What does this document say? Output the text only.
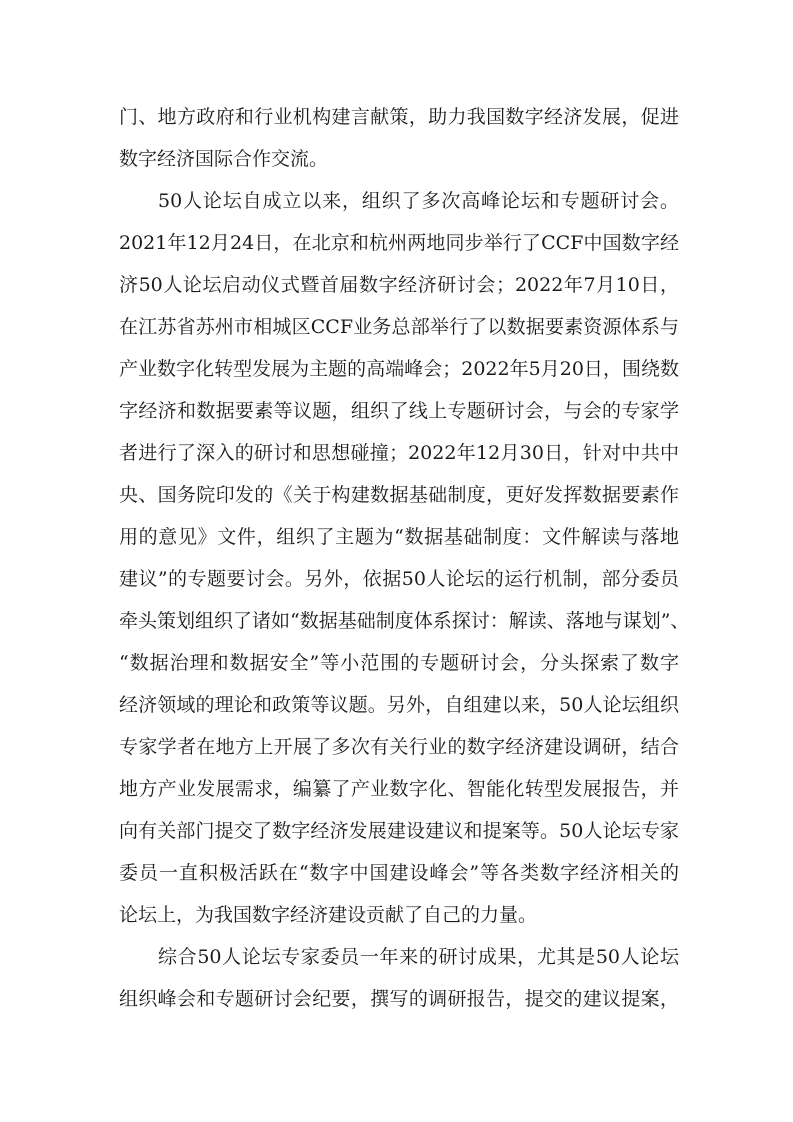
门、地方政府和行业机构建言献策，助力我国数字经济发展，促进
数字经济国际合作交流。
50人论坛自成立以来，组织了多次高峰论坛和专题研讨会。
2021年12月24日，在北京和杭州两地同步举行了CCF中国数字经
济50人论坛启动仪式暨首届数字经济研讨会；2022年7月10日，
在江苏省苏州市相城区CCF业务总部举行了以数据要素资源体系与
产业数字化转型发展为主题的高端峰会；2022年5月20日，围绕数
字经济和数据要素等议题，组织了线上专题研讨会，与会的专家学
者进行了深入的研讨和思想碰撞；2022年12月30日，针对中共中
央、国务院印发的《关于构建数据基础制度，更好发挥数据要素作
用的意见》文件，组织了主题为“数据基础制度：文件解读与落地
建议”的专题要讨会。另外，依据50人论坛的运行机制，部分委员
牵头策划组织了诸如“数据基础制度体系探讨：解读、落地与谋划”、
“数据治理和数据安全”等小范围的专题研讨会，分头探索了数字
经济领域的理论和政策等议题。另外，自组建以来，50人论坛组织
专家学者在地方上开展了多次有关行业的数字经济建设调研，结合
地方产业发展需求，编纂了产业数字化、智能化转型发展报告，并
向有关部门提交了数字经济发展建设建议和提案等。50人论坛专家
委员一直积极活跃在“数字中国建设峰会”等各类数字经济相关的
论坛上，为我国数字经济建设贡献了自己的力量。
综合50人论坛专家委员一年来的研讨成果，尤其是50人论坛
组织峰会和专题研讨会纪要，撰写的调研报告，提交的建议提案，
